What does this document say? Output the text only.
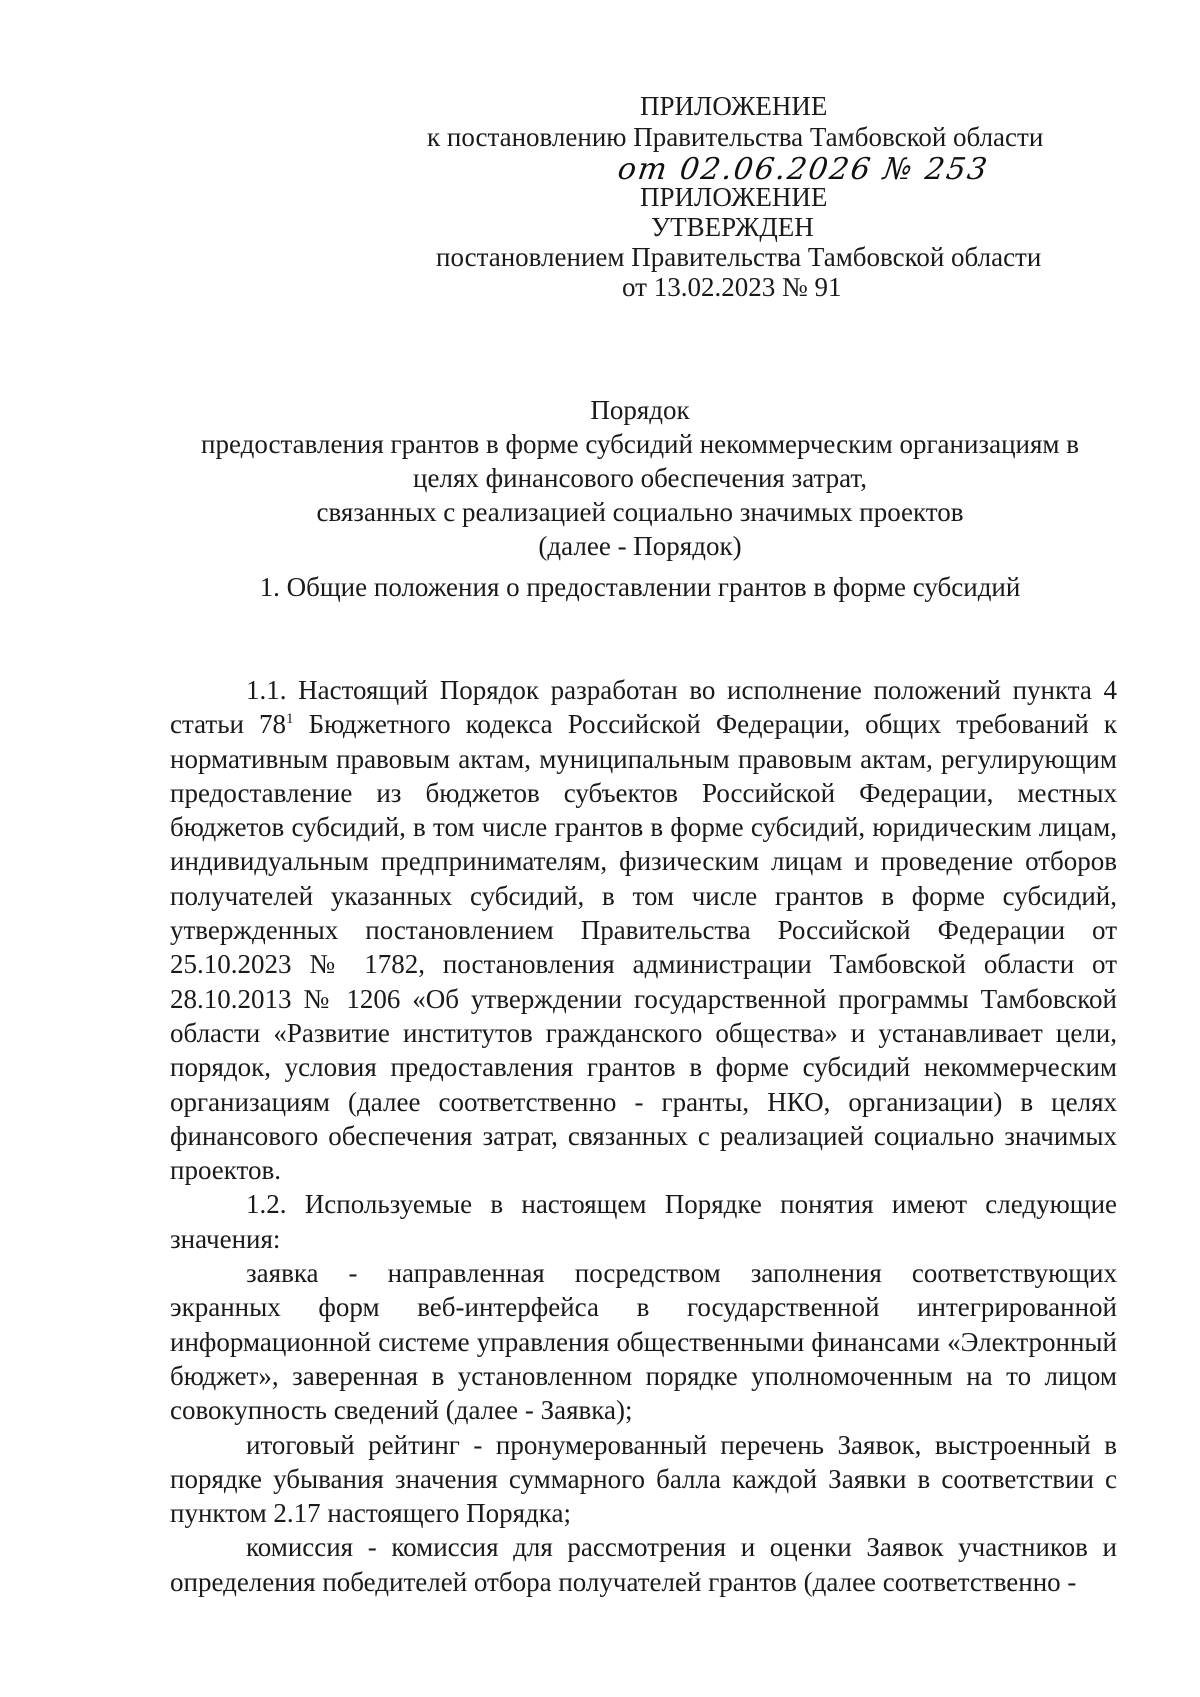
ПРИЛОЖЕНИЕ
к постановлению Правительства Тамбовской области
от 02.06.2026 № 253
ПРИЛОЖЕНИЕ
УТВЕРЖДЕН
постановлением Правительства Тамбовской области
от 13.02.2023 № 91
Порядок
предоставления грантов в форме субсидий некоммерческим организациям в
целях финансового обеспечения затрат,
связанных с реализацией социально значимых проектов
(далее - Порядок)
1. Общие положения о предоставлении грантов в форме субсидий

1.1. Настоящий Порядок разработан во исполнение положений пункта 4 статьи $78^1$ Бюджетного кодекса Российской Федерации, общих требований к нормативным правовым актам, муниципальным правовым актам, регулирующим предоставление из бюджетов субъектов Российской Федерации, местных бюджетов субсидий, в том числе грантов в форме субсидий, юридическим лицам, индивидуальным предпринимателям, физическим лицам и проведение отборов получателей указанных субсидий, в том числе грантов в форме субсидий, утвержденных постановлением Правительства Российской Федерации от 25.10.2023 № 1782, постановления администрации Тамбовской области от 28.10.2013 № 1206 «Об утверждении государственной программы Тамбовской области «Развитие институтов гражданского общества» и устанавливает цели, порядок, условия предоставления грантов в форме субсидий некоммерческим организациям (далее соответственно - гранты, НКО, организации) в целях финансового обеспечения затрат, связанных с реализацией социально значимых проектов.

1.2. Используемые в настоящем Порядке понятия имеют следующие значения:

заявка - направленная посредством заполнения соответствующих экранных форм веб-интерфейса в государственной интегрированной информационной системе управления общественными финансами «Электронный бюджет», заверенная в установленном порядке уполномоченным на то лицом совокупность сведений (далее - Заявка);

итоговый рейтинг - пронумерованный перечень Заявок, выстроенный в порядке убывания значения суммарного балла каждой Заявки в соответствии с пунктом 2.17 настоящего Порядка;

комиссия - комиссия для рассмотрения и оценки Заявок участников и определения победителей отбора получателей грантов (далее соответственно -
